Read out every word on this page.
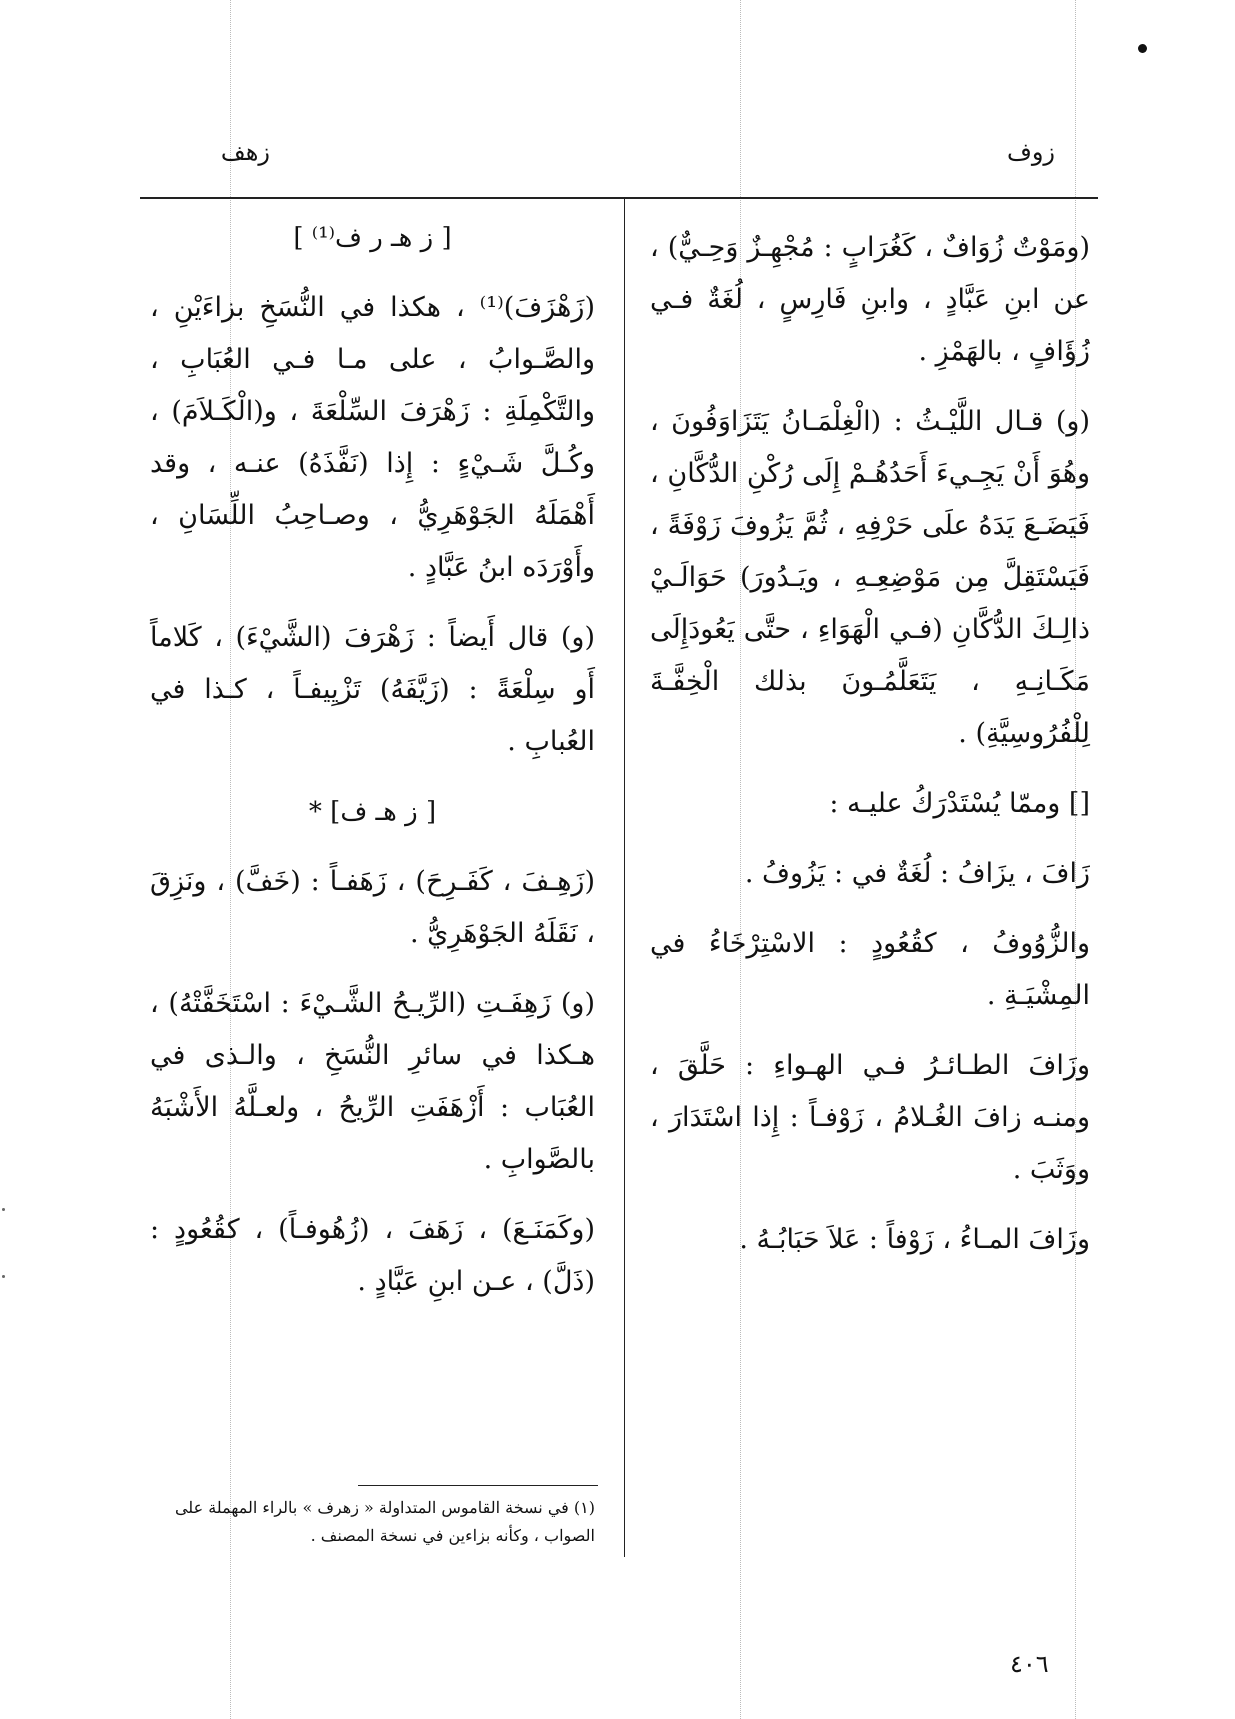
زوف
زهف

(ومَوْتٌ زُوَافٌ ، كَغُرَابٍ : مُجْهِـزٌ وَحِـيٌّ) ، عن ابنِ عَبَّادٍ ، وابنِ فَارِسٍ ، لُغَةٌ فـي زُؤَافٍ ، بالهَمْزِ .

(و) قـال اللَّيْـثُ : (الْغِلْمَـانُ يَتَزَاوَفُونَ ، وهُوَ أَنْ يَجِـيءَ أَحَدُهُـمْ إِلَى رُكْنِ الدُّكَّانِ ، فَيَضَـعَ يَدَهُ علَى حَرْفِهِ ، ثُمَّ يَزُوفَ زَوْفَةً ، فَيَسْتَقِلَّ مِن مَوْضِعِـهِ ، ويَـدُورَ) حَوَالَـيْ ذالِـكَ الدُّكَّانِ (فـي الْهَوَاءِ ، حتَّى يَعُودَإِلَى مَكَـانِـهِ ، يَتَعَلَّمُـونَ بذلك الْخِفَّـةَ لِلْفُرُوسِيَّةِ) .

[] وممّا يُسْتَدْرَكُ عليـه :

زَافَ ، يزَافُ : لُغَةٌ في : يَزُوفُ .

والزُّوُوفُ ، كقُعُودٍ : الاسْتِرْخَاءُ في المِشْيَـةِ .

وزَافَ الطـائـرُ فـي الهـواءِ : حَلَّقَ ، ومنـه زافَ الغُـلامُ ، زَوْفـاً : إِذا اسْتَدَارَ ، ووَثَبَ .

وزَافَ المـاءُ ، زَوْفاً : عَلاَ حَبَابُـهُ .

[ ز هـ ر ف⁽¹⁾ ]

(زَهْزَفَ)⁽¹⁾ ، هكذا في النُّسَخِ بزاءَيْنِ ، والصَّـوابُ ، على مـا فـي العُبَابِ ، والتَّكْمِلَةِ : زَهْرَفَ السِّلْعَةَ ، و(الْكَـلاَمَ) ، وكُـلَّ شَـيْءٍ : إِذا (نَفَّذَهُ) عنـه ، وقد أَهْمَلَهُ الجَوْهَرِيُّ ، وصـاحِبُ اللِّسَانِ ، وأَوْرَدَه ابنُ عَبَّادٍ .

(و) قال أَيضاً : زَهْرَفَ (الشَّيْءَ) ، كَلاماً أَو سِلْعَةً : (زَيَّفَهُ) تَزْيِيفـاً ، كـذا في العُبابِ .

[ ز هـ ف] *

(زَهِـفَ ، كَفَـرِحَ) ، زَهَفـاً : (خَفَّ) ، ونَزِقَ ، نَقَلَهُ الجَوْهَرِيُّ .

(و) زَهِفَـتِ (الرِّيـحُ الشَّـيْءَ : اسْتَخَفَّتْهُ) ، هـكذا في سائرِ النُّسَخِ ، والـذى في العُبَاب : أَزْهَفَتِ الرِّيحُ ، ولعـلَّهُ الأَشْبَهُ بالصَّوابِ .

(وكَمَنَـعَ) ، زَهَفَ ، (زُهُوفـاً) ، كقُعُودٍ : (ذَلَّ) ، عـن ابنِ عَبَّادٍ .

(١) في نسخة القاموس المتداولة « زهرف » بالراء المهملة على الصواب ، وكأنه بزاءين في نسخة المصنف .
٤٠٦
